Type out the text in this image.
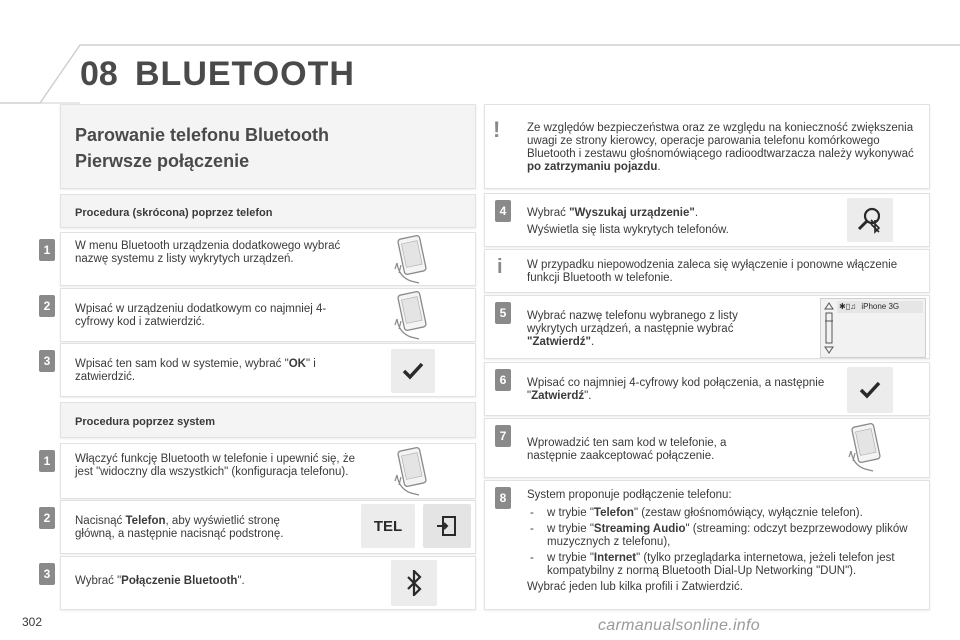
08 BLUETOOTH
Parowanie telefonu Bluetooth
Pierwsze połączenie
Procedura (skrócona) poprzez telefon
1	W menu Bluetooth urządzenia dodatkowego wybrać nazwę systemu z listy wykrytych urządzeń.
2	Wpisać w urządzeniu dodatkowym co najmniej 4-cyfrowy kod i zatwierdzić.
3	Wpisać ten sam kod w systemie, wybrać "OK" i zatwierdzić.
Procedura poprzez system
1	Włączyć funkcję Bluetooth w telefonie i upewnić się, że jest "widoczny dla wszystkich" (konfiguracja telefonu).
2	Nacisnąć Telefon, aby wyświetlić stronę główną, a następnie nacisnąć podstronę.	TEL
3	Wybrać "Połączenie Bluetooth".
! Ze względów bezpieczeństwa oraz ze względu na konieczność zwiększenia uwagi ze strony kierowcy, operacje parowania telefonu komórkowego Bluetooth i zestawu głośnomówiącego radioodtwarzacza należy wykonywać po zatrzymaniu pojazdu.
4	Wybrać "Wyszukaj urządzenie".
Wyświetla się lista wykrytych telefonów.
i W przypadku niepowodzenia zaleca się wyłączenie i ponowne włączenie funkcji Bluetooth w telefonie.
5	Wybrać nazwę telefonu wybranego z listy wykrytych urządzeń, a następnie wybrać "Zatwierdź".
✱▯♫ iPhone 3G
6	Wpisać co najmniej 4-cyfrowy kod połączenia, a następnie "Zatwierdź".
7	Wprowadzić ten sam kod w telefonie, a następnie zaakceptować połączenie.
8	System proponuje podłączenie telefonu:
- w trybie "Telefon" (zestaw głośnomówiący, wyłącznie telefon).
- w trybie "Streaming Audio" (streaming: odczyt bezprzewodowy plików muzycznych z telefonu),
- w trybie "Internet" (tylko przeglądarka internetowa, jeżeli telefon jest kompatybilny z normą Bluetooth Dial-Up Networking "DUN").
Wybrać jeden lub kilka profili i Zatwierdzić.
302	carmanualsonline.info
